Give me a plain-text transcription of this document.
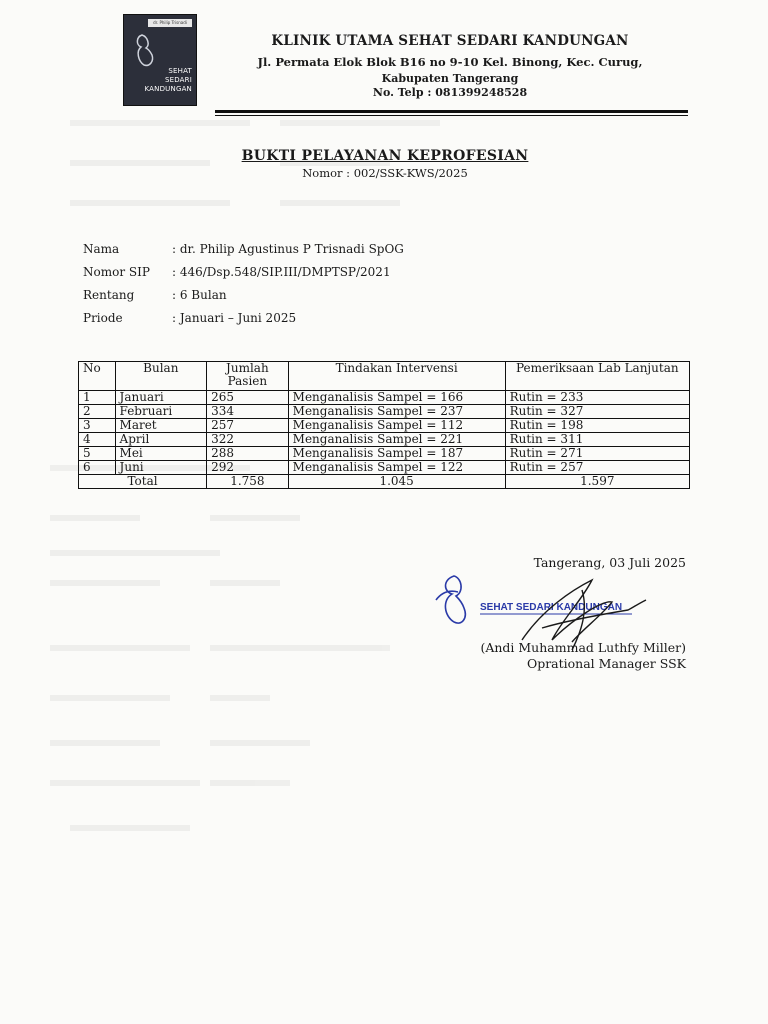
dr. Philip Trisnadi
SEHAT
SEDARI
KANDUNGAN
KLINIK UTAMA SEHAT SEDARI KANDUNGAN
Jl. Permata Elok Blok B16 no 9-10 Kel. Binong, Kec. Curug,
Kabupaten Tangerang
No. Telp : 081399248528
BUKTI PELAYANAN KEPROFESIAN
Nomor : 002/SSK-KWS/2025
Nama	: dr. Philip Agustinus P Trisnadi SpOG
Nomor SIP : 446/Dsp.548/SIP.III/DMPTSP/2021
Rentang	: 6 Bulan
Priode	: Januari – Juni 2025
No	Bulan	Jumlah Pasien	Tindakan Intervensi	Pemeriksaan Lab Lanjutan
1	Januari	265	Menganalisis Sampel = 166	Rutin = 233
2	Februari	334	Menganalisis Sampel = 237	Rutin = 327
3	Maret	257	Menganalisis Sampel = 112	Rutin = 198
4	April	322	Menganalisis Sampel = 221	Rutin = 311
5	Mei	288	Menganalisis Sampel = 187	Rutin = 271
6	Juni	292	Menganalisis Sampel = 122	Rutin = 257
Total		1.758	1.045	1.597
Tangerang, 03 Juli 2025
SEHAT SEDARI KANDUNGAN
(Andi Muhammad Luthfy Miller)
Oprational Manager SSK
